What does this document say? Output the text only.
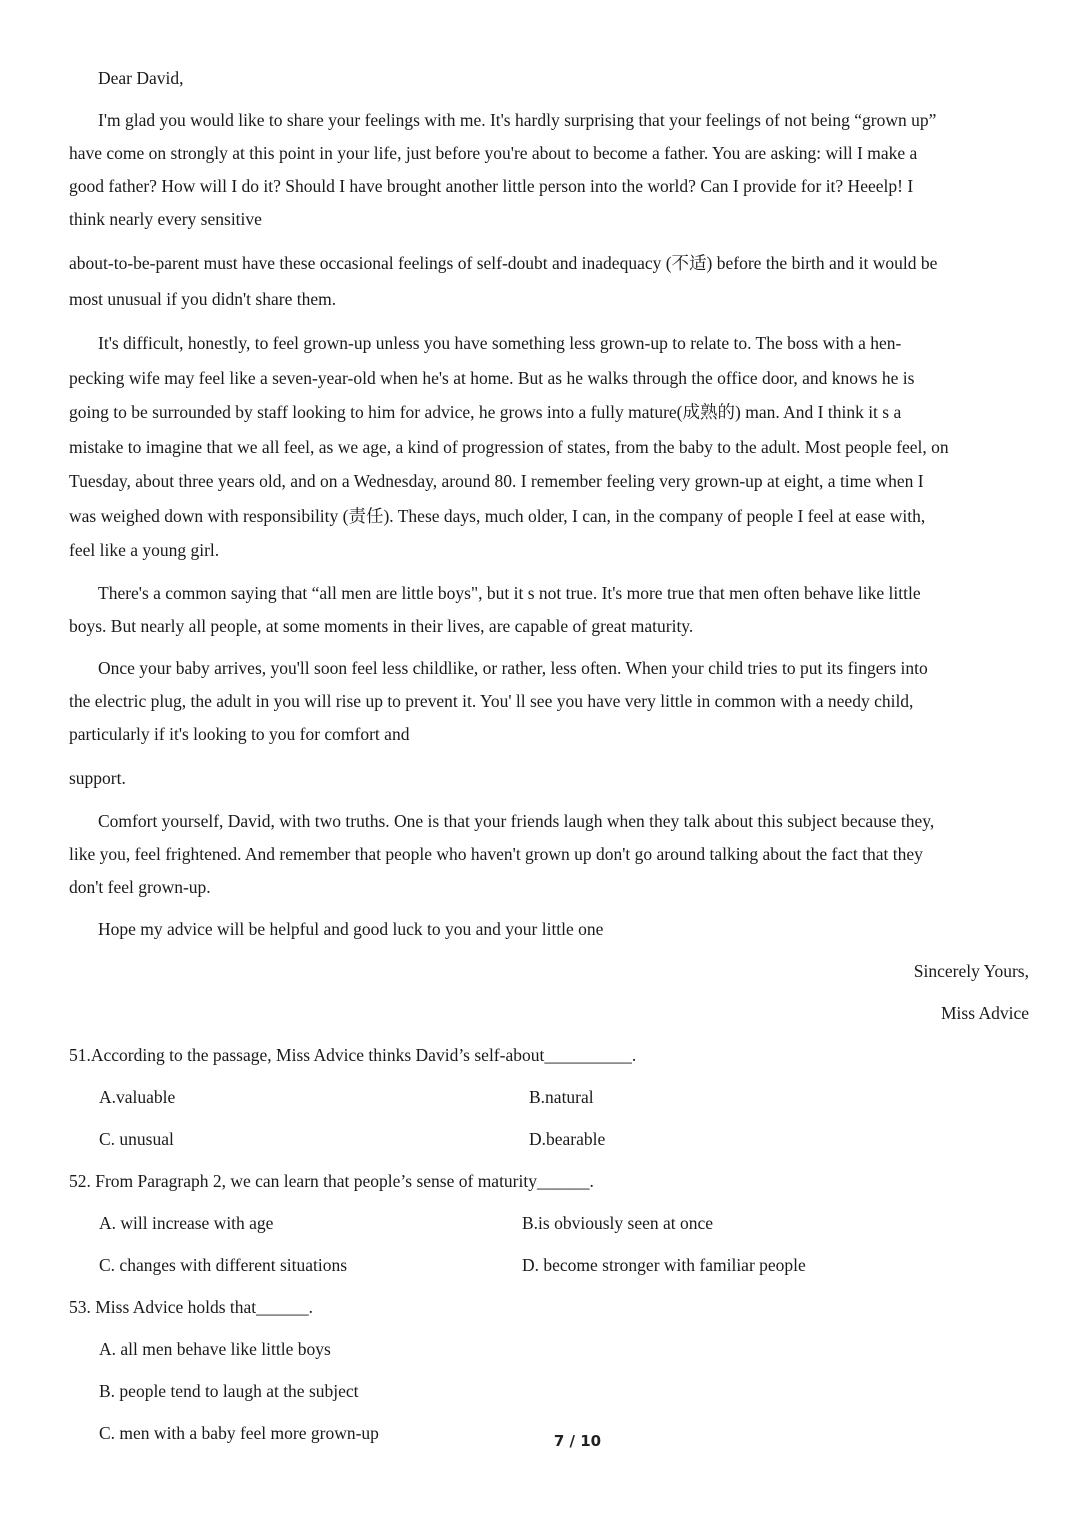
Dear David,

I'm glad you would like to share your feelings with me. It's hardly surprising that your feelings of not being “grown up”
have come on strongly at this point in your life, just before you're about to become a father. You are asking: will I make a
good father? How will I do it? Should I have brought another little person into the world? Can I provide for it? Heeelp! I
think nearly every sensitive

about-to-be-parent must have these occasional feelings of self-doubt and inadequacy (不适) before the birth and it would be
most unusual if you didn't share them.

It's difficult, honestly, to feel grown-up unless you have something less grown-up to relate to. The boss with a hen-
pecking wife may feel like a seven-year-old when he's at home. But as he walks through the office door, and knows he is
going to be surrounded by staff looking to him for advice, he grows into a fully mature(成熟的) man. And I think it s a
mistake to imagine that we all feel, as we age, a kind of progression of states, from the baby to the adult. Most people feel, on
Tuesday, about three years old, and on a Wednesday, around 80. I remember feeling very grown-up at eight, a time when I
was weighed down with responsibility (责任). These days, much older, I can, in the company of people I feel at ease with,
feel like a young girl.

There's a common saying that “all men are little boys", but it s not true. It's more true that men often behave like little
boys. But nearly all people, at some moments in their lives, are capable of great maturity.

Once your baby arrives, you'll soon feel less childlike, or rather, less often. When your child tries to put its fingers into
the electric plug, the adult in you will rise up to prevent it. You' ll see you have very little in common with a needy child,
particularly if it's looking to you for comfort and

support.

Comfort yourself, David, with two truths. One is that your friends laugh when they talk about this subject because they,
like you, feel frightened. And remember that people who haven't grown up don't go around talking about the fact that they
don't feel grown-up.

Hope my advice will be helpful and good luck to you and your little one

Sincerely Yours,

Miss Advice

51.According to the passage, Miss Advice thinks David’s self-about__________.
A.valuable	B.natural
C. unusual	D.bearable
52. From Paragraph 2, we can learn that people’s sense of maturity______.
A. will increase with age	B.is obviously seen at once
C. changes with different situations	D. become stronger with familiar people
53. Miss Advice holds that______.
A. all men behave like little boys
B. people tend to laugh at the subject
C. men with a baby feel more grown-up	7 / 10
